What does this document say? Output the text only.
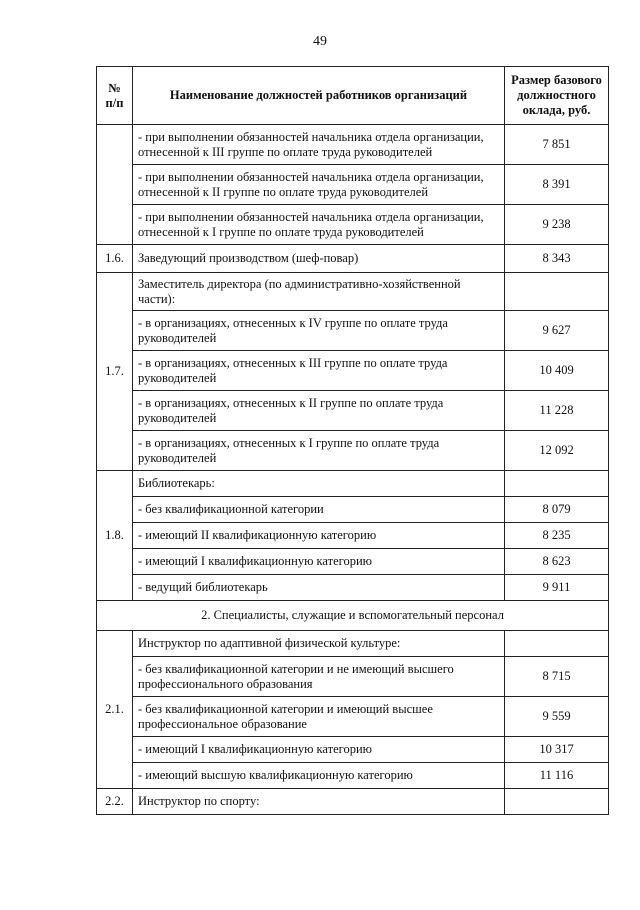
49
№ п/п	Наименование должностей работников организаций	Размер базового должностного оклада, руб.
	- при выполнении обязанностей начальника отдела организации, отнесенной к III группе по оплате труда руководителей	7 851
	- при выполнении обязанностей начальника отдела организации, отнесенной к II группе по оплате труда руководителей	8 391
	- при выполнении обязанностей начальника отдела организации, отнесенной к I группе по оплате труда руководителей	9 238
1.6.	Заведующий производством (шеф-повар)	8 343
1.7.	Заместитель директора (по административно-хозяйственной части):	
	- в организациях, отнесенных к IV группе по оплате труда руководителей	9 627
	- в организациях, отнесенных к III группе по оплате труда руководителей	10 409
	- в организациях, отнесенных к II группе по оплате труда руководителей	11 228
	- в организациях, отнесенных к I группе по оплате труда руководителей	12 092
1.8.	Библиотекарь:	
	- без квалификационной категории	8 079
	- имеющий II квалификационную категорию	8 235
	- имеющий I квалификационную категорию	8 623
	- ведущий библиотекарь	9 911
2. Специалисты, служащие и вспомогательный персонал		
2.1.	Инструктор по адаптивной физической культуре:	
	- без квалификационной категории и не имеющий высшего профессионального образования	8 715
	- без квалификационной категории и имеющий высшее профессиональное образование	9 559
	- имеющий I квалификационную категорию	10 317
	- имеющий высшую квалификационную категорию	11 116
2.2.	Инструктор по спорту:	
